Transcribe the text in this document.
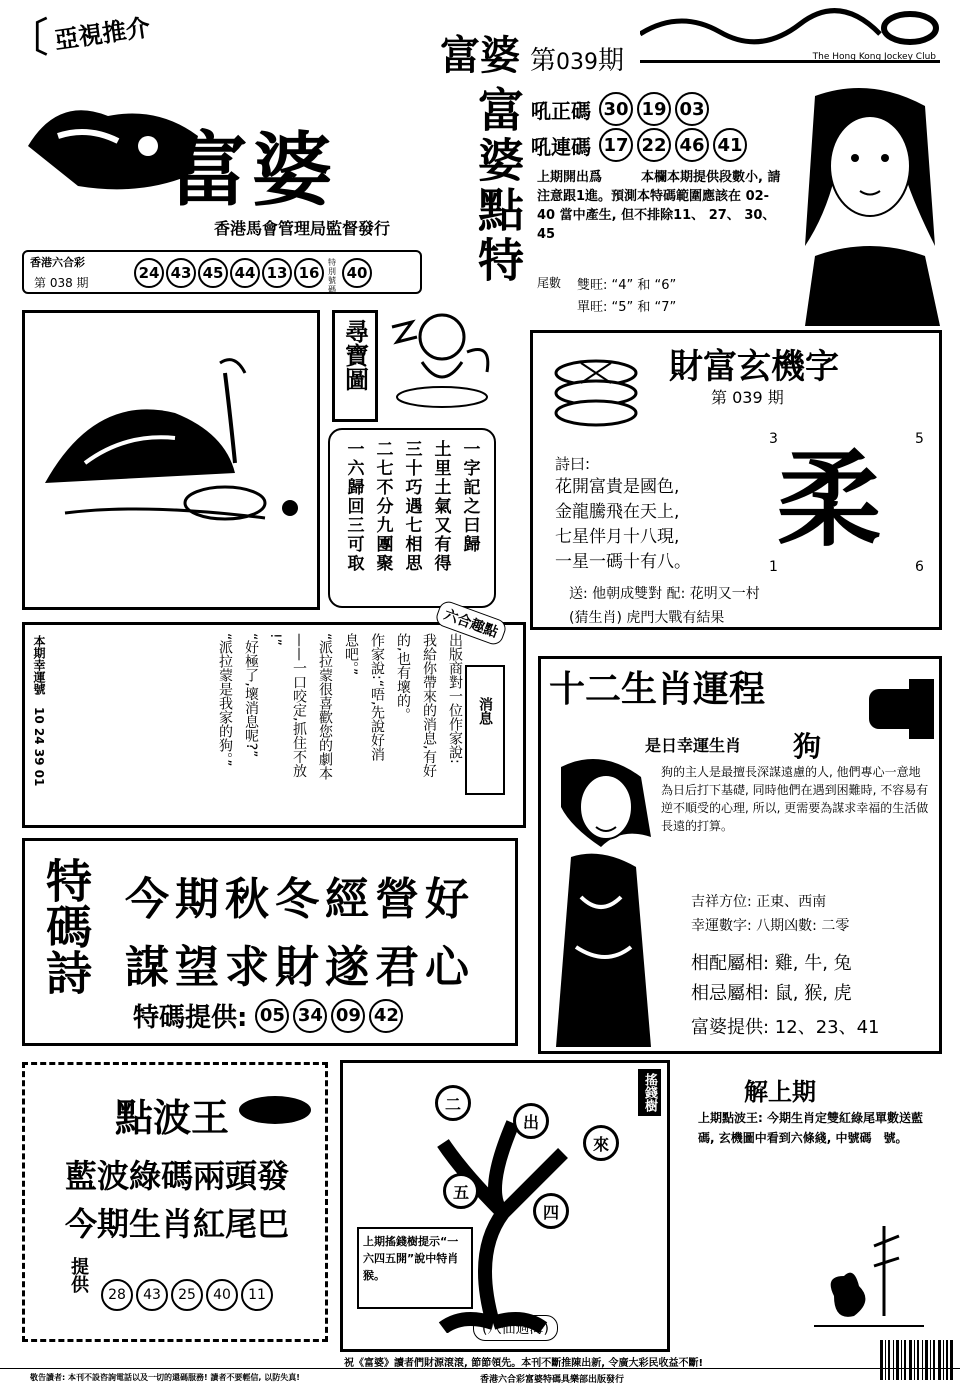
〔 亞視推介	富婆 第 039 期	The Hong Kong Jockey Club
富婆
香港馬會管理局監督發行
香港六合彩
第 038 期
24 43 45 44 13 16
特別號碼
40 富婆點特 吼正碼 30 19 03
吼連碼 17 22 46 41
上期開出爲　　　本欄本期提供段數小, 請注意跟1進。預測本特碼範圍應該在 02-40 當中產生, 但不排除11、 27、 30、 45
尾數 雙旺: “4” 和 “6”
單旺: “5” 和 “7”
尋寶圖
一字記之曰歸
土里土氣又有得
三十巧遇七相思
二七不分九團聚
一六歸回三可取
財富玄機字
第 039 期
3	5
1	6
柔
詩曰:
花開富貴是國色,
金龍騰飛在天上,
七星伴月十八現,
一星一碼十有八。
送: 他朝成雙對 配: 花明又一村
(猜生肖) 虎門大戰有結果
本期幸運號 10 24 39 01	出版商對一位作家說:
我給你帶來的消息,有好
的,也有壞的。
作家說:“唔,先說好消
息吧。”
“派拉蒙很喜歡您的劇本
——一口咬定,抓住不放
!”
“好極了,壞消息呢?”
“派拉蒙是我家的狗。”	消息
六合趣點
十二生肖運程
是日幸運生肖 狗
狗的主人是最擅長深謀遠慮的人, 他們專心一意地為日后打下基礎, 同時他們在遇到困難時, 不容易有逆不順受的心理, 所以, 更需要為謀求幸福的生活做長遠的打算。
吉祥方位: 正東、西南
幸運數字: 八期凶數: 二零
相配屬相: 雞, 牛, 兔
相忌屬相: 鼠, 猴, 虎
富婆提供: 12、23、41
特碼詩 今期秋冬經營好
謀望求財遂君心
特碼提供: 05 34 09 42
點波王
藍波綠碼兩頭發
今期生肖紅尾巴
提供
28	43	25	40	11
搖錢樹
二
出
來
五
四
上期搖錢樹提示“一六四五開”說中特肖猴。
(八仙過海)
解上期
上期點波王: 今期生肖定雙紅綠尾單數送藍碼, 玄機圖中看到六條綫, 中號碼　號。
祝《富婆》讀者們財源滾滾, 節節領先。本刊不斷推陳出新, 令廣大彩民收益不斷!
敬告讀者: 本刊不設咨詢電話以及一切的還碼服務! 讀者不要輕信, 以防失真!	香港六合彩富婆特碼具樂部出版發行
